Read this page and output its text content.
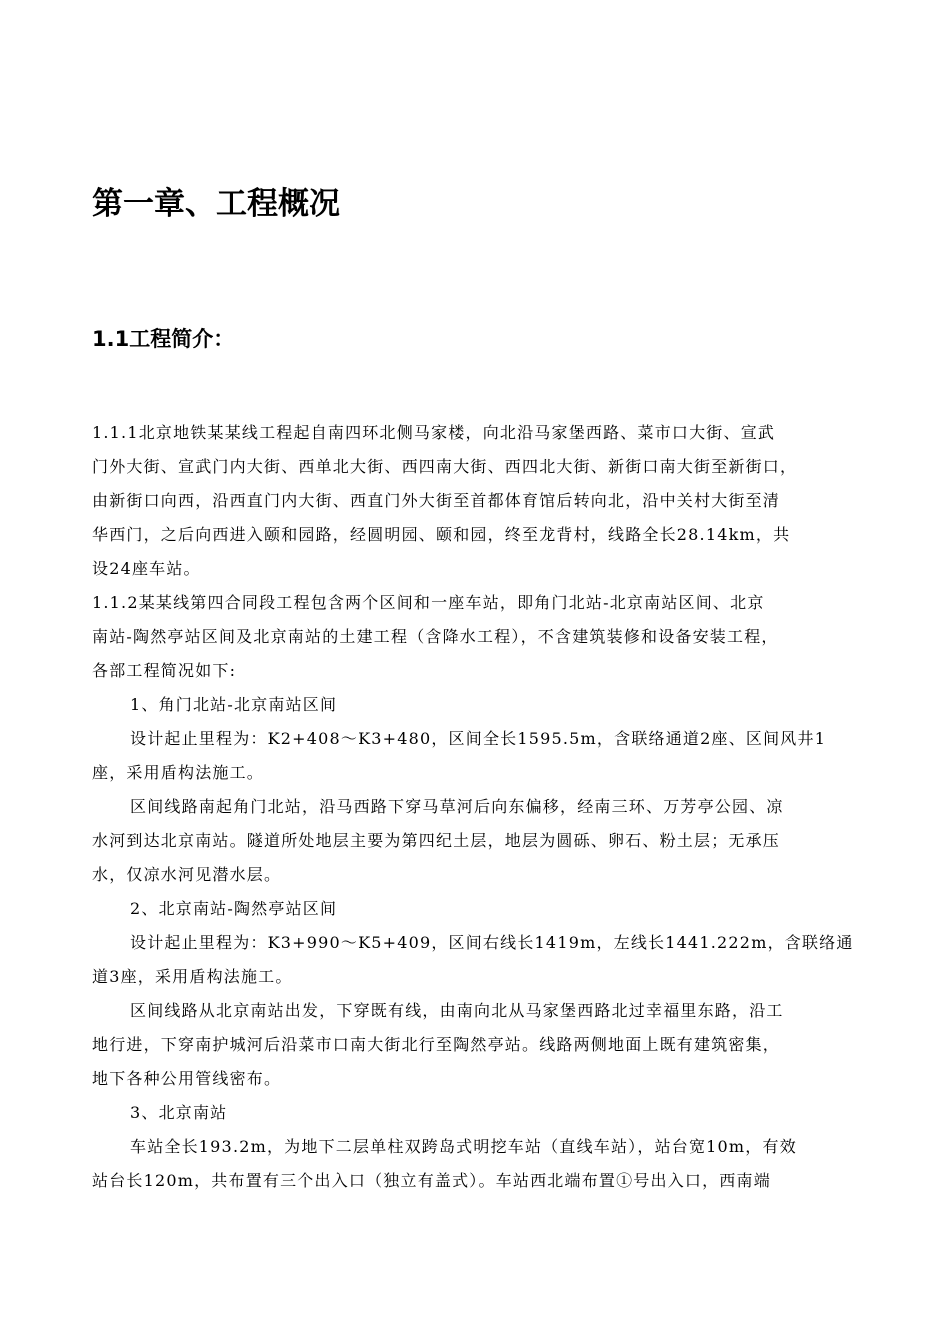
第一章、工程概况
1.1工程简介：
1.1.1北京地铁某某线工程起自南四环北侧马家楼，向北沿马家堡西路、菜市口大街、宣武
门外大街、宣武门内大街、西单北大街、西四南大街、西四北大街、新街口南大街至新街口，
由新街口向西，沿西直门内大街、西直门外大街至首都体育馆后转向北，沿中关村大街至清
华西门，之后向西进入颐和园路，经圆明园、颐和园，终至龙背村，线路全长28.14km，共
设24座车站。
1.1.2某某线第四合同段工程包含两个区间和一座车站，即角门北站-北京南站区间、北京
南站-陶然亭站区间及北京南站的土建工程（含降水工程），不含建筑装修和设备安装工程，
各部工程简况如下:
1、角门北站-北京南站区间
设计起止里程为：K2+408～K3+480，区间全长1595.5m，含联络通道2座、区间风井1
座，采用盾构法施工。
区间线路南起角门北站，沿马西路下穿马草河后向东偏移，经南三环、万芳亭公园、凉
水河到达北京南站。隧道所处地层主要为第四纪土层，地层为圆砾、卵石、粉土层；无承压
水，仅凉水河见潜水层。
2、北京南站-陶然亭站区间
设计起止里程为：K3+990～K5+409，区间右线长1419m，左线长1441.222m，含联络通
道3座，采用盾构法施工。
区间线路从北京南站出发，下穿既有线，由南向北从马家堡西路北过幸福里东路，沿工
地行进，下穿南护城河后沿菜市口南大街北行至陶然亭站。线路两侧地面上既有建筑密集，
地下各种公用管线密布。
3、北京南站
车站全长193.2m，为地下二层单柱双跨岛式明挖车站（直线车站），站台宽10m，有效
站台长120m，共布置有三个出入口（独立有盖式）。车站西北端布置①号出入口，西南端
